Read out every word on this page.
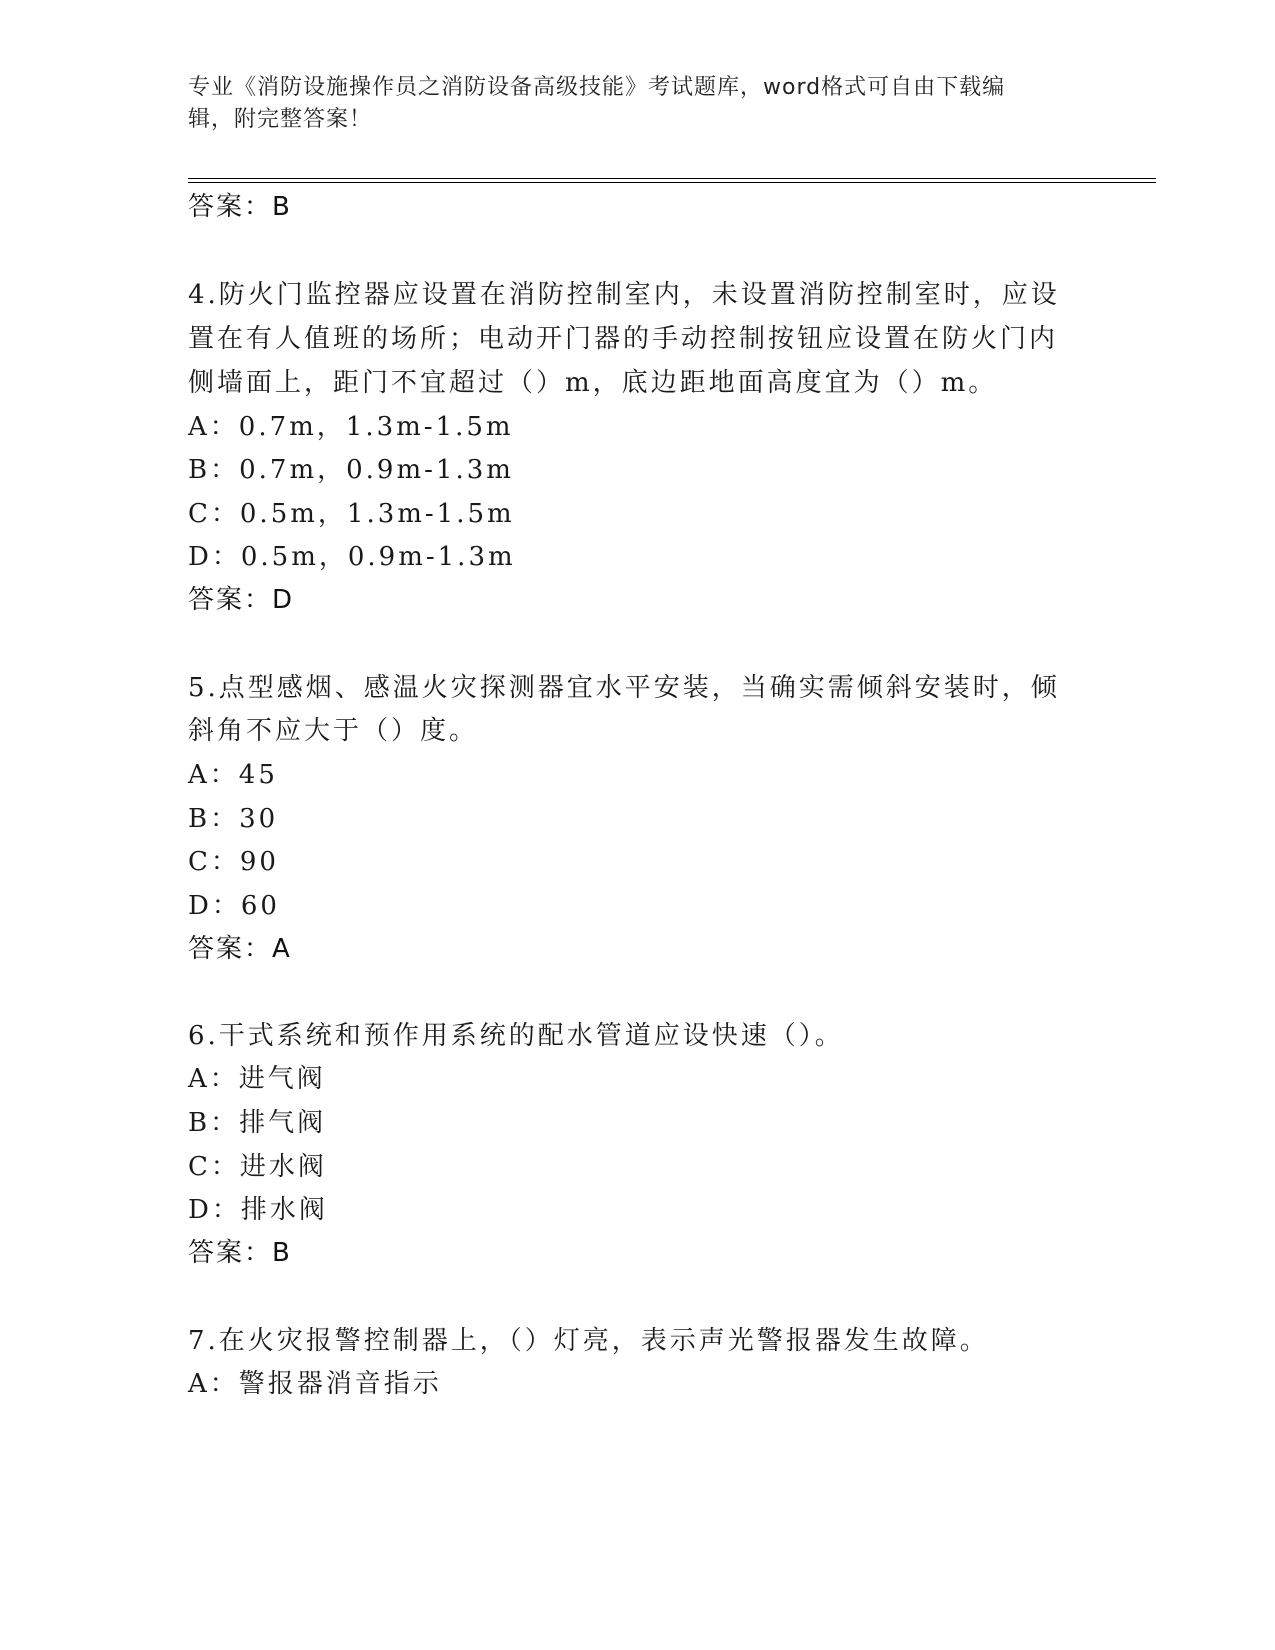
专业《消防设施操作员之消防设备高级技能》考试题库，word格式可自由下载编
辑，附完整答案！
答案：B
4.防火门监控器应设置在消防控制室内，未设置消防控制室时，应设
置在有人值班的场所；电动开门器的手动控制按钮应设置在防火门内
侧墙面上，距门不宜超过（）m，底边距地面高度宜为（）m。
A：0.7m，1.3m-1.5m
B：0.7m，0.9m-1.3m
C：0.5m，1.3m-1.5m
D：0.5m，0.9m-1.3m
答案：D
5.点型感烟、感温火灾探测器宜水平安装，当确实需倾斜安装时，倾
斜角不应大于（）度。
A：45
B：30
C：90
D：60
答案：A
6.干式系统和预作用系统的配水管道应设快速（）。
A：进气阀
B：排气阀
C：进水阀
D：排水阀
答案：B
7.在火灾报警控制器上，（）灯亮，表示声光警报器发生故障。
A：警报器消音指示
